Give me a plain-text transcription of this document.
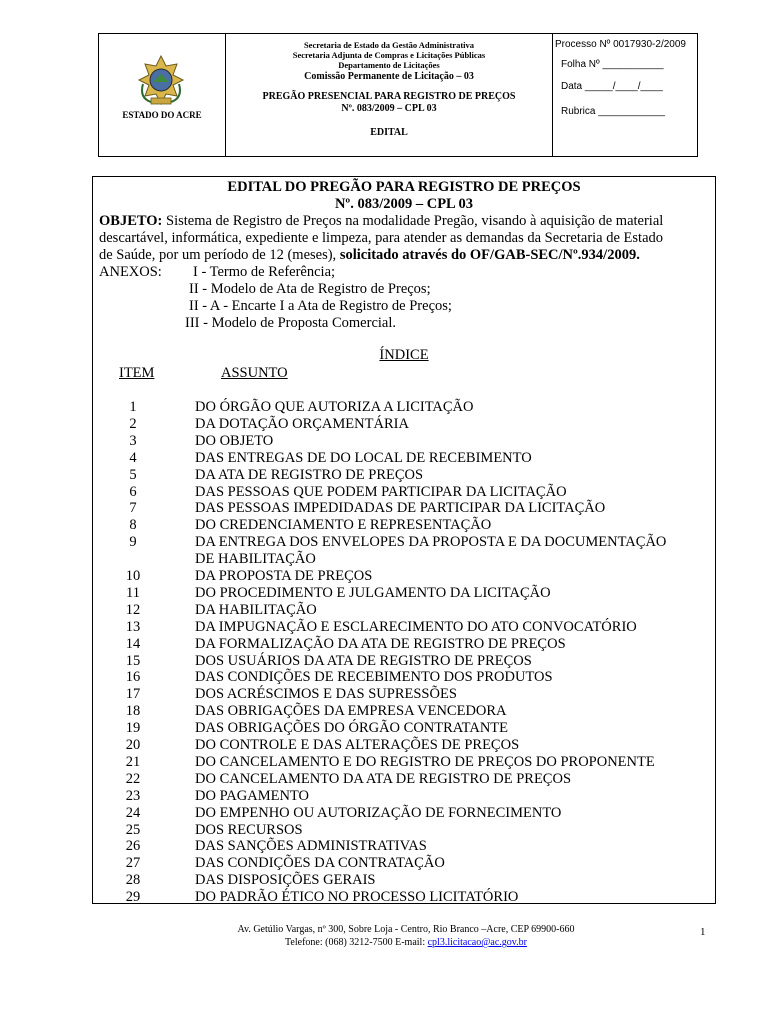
ESTADO DO ACRE
Secretaria de Estado da Gestão Administrativa
Secretaria Adjunta de Compras e Licitações Públicas
Departamento de Licitações
Comissão Permanente de Licitação – 03
PREGÃO PRESENCIAL PARA REGISTRO DE PREÇOS
Nº. 083/2009 – CPL 03
EDITAL
Processo Nº 0017930-2/2009
Folha Nº ___________
Data _____/____/____
Rubrica ____________
EDITAL DO PREGÃO PARA REGISTRO DE PREÇOS
Nº. 083/2009 – CPL 03
OBJETO: Sistema de Registro de Preços na modalidade Pregão, visando à aquisição de material
descartável, informática, expediente e limpeza, para atender as demandas da Secretaria de Estado
de Saúde, por um período de 12 (meses), solicitado através do OF/GAB-SEC/Nº.934/2009.
ANEXOS: I - Termo de Referência;
II - Modelo de Ata de Registro de Preços;
II - A - Encarte I a Ata de Registro de Preços;
III - Modelo de Proposta Comercial.
ÍNDICE
ITEM	ASSUNTO
1	DO ÓRGÃO QUE AUTORIZA A LICITAÇÃO
2	DA DOTAÇÃO ORÇAMENTÁRIA
3	DO OBJETO
4	DAS ENTREGAS DE DO LOCAL DE RECEBIMENTO
5	DA ATA DE REGISTRO DE PREÇOS
6	DAS PESSOAS QUE PODEM PARTICIPAR DA LICITAÇÃO
7	DAS PESSOAS IMPEDIDADAS DE PARTICIPAR DA LICITAÇÃO
8	DO CREDENCIAMENTO E REPRESENTAÇÃO
9	DA ENTREGA DOS ENVELOPES DA PROPOSTA E DA DOCUMENTAÇÃO
DE HABILITAÇÃO
10	DA PROPOSTA DE PREÇOS
11	DO PROCEDIMENTO E JULGAMENTO DA LICITAÇÃO
12	DA HABILITAÇÃO
13	DA IMPUGNAÇÃO E ESCLARECIMENTO DO ATO CONVOCATÓRIO
14	DA FORMALIZAÇÃO DA ATA DE REGISTRO DE PREÇOS
15	DOS USUÁRIOS DA ATA DE REGISTRO DE PREÇOS
16	DAS CONDIÇÕES DE RECEBIMENTO DOS PRODUTOS
17	DOS ACRÉSCIMOS E DAS SUPRESSÕES
18	DAS OBRIGAÇÕES DA EMPRESA VENCEDORA
19	DAS OBRIGAÇÕES DO ÓRGÃO CONTRATANTE
20	DO CONTROLE E DAS ALTERAÇÕES DE PREÇOS
21	DO CANCELAMENTO E DO REGISTRO DE PREÇOS DO PROPONENTE
22	DO CANCELAMENTO DA ATA DE REGISTRO DE PREÇOS
23	DO PAGAMENTO
24	DO EMPENHO OU AUTORIZAÇÃO DE FORNECIMENTO
25	DOS RECURSOS
26	DAS SANÇÕES ADMINISTRATIVAS
27	DAS CONDIÇÕES DA CONTRATAÇÃO
28	DAS DISPOSIÇÕES GERAIS
29	DO PADRÃO ÉTICO NO PROCESSO LICITATÓRIO
Av. Getúlio Vargas, nº 300, Sobre Loja - Centro, Rio Branco –Acre, CEP 69900-660
Telefone: (068) 3212-7500 E-mail: cpl3.licitacao@ac.gov.br
1
